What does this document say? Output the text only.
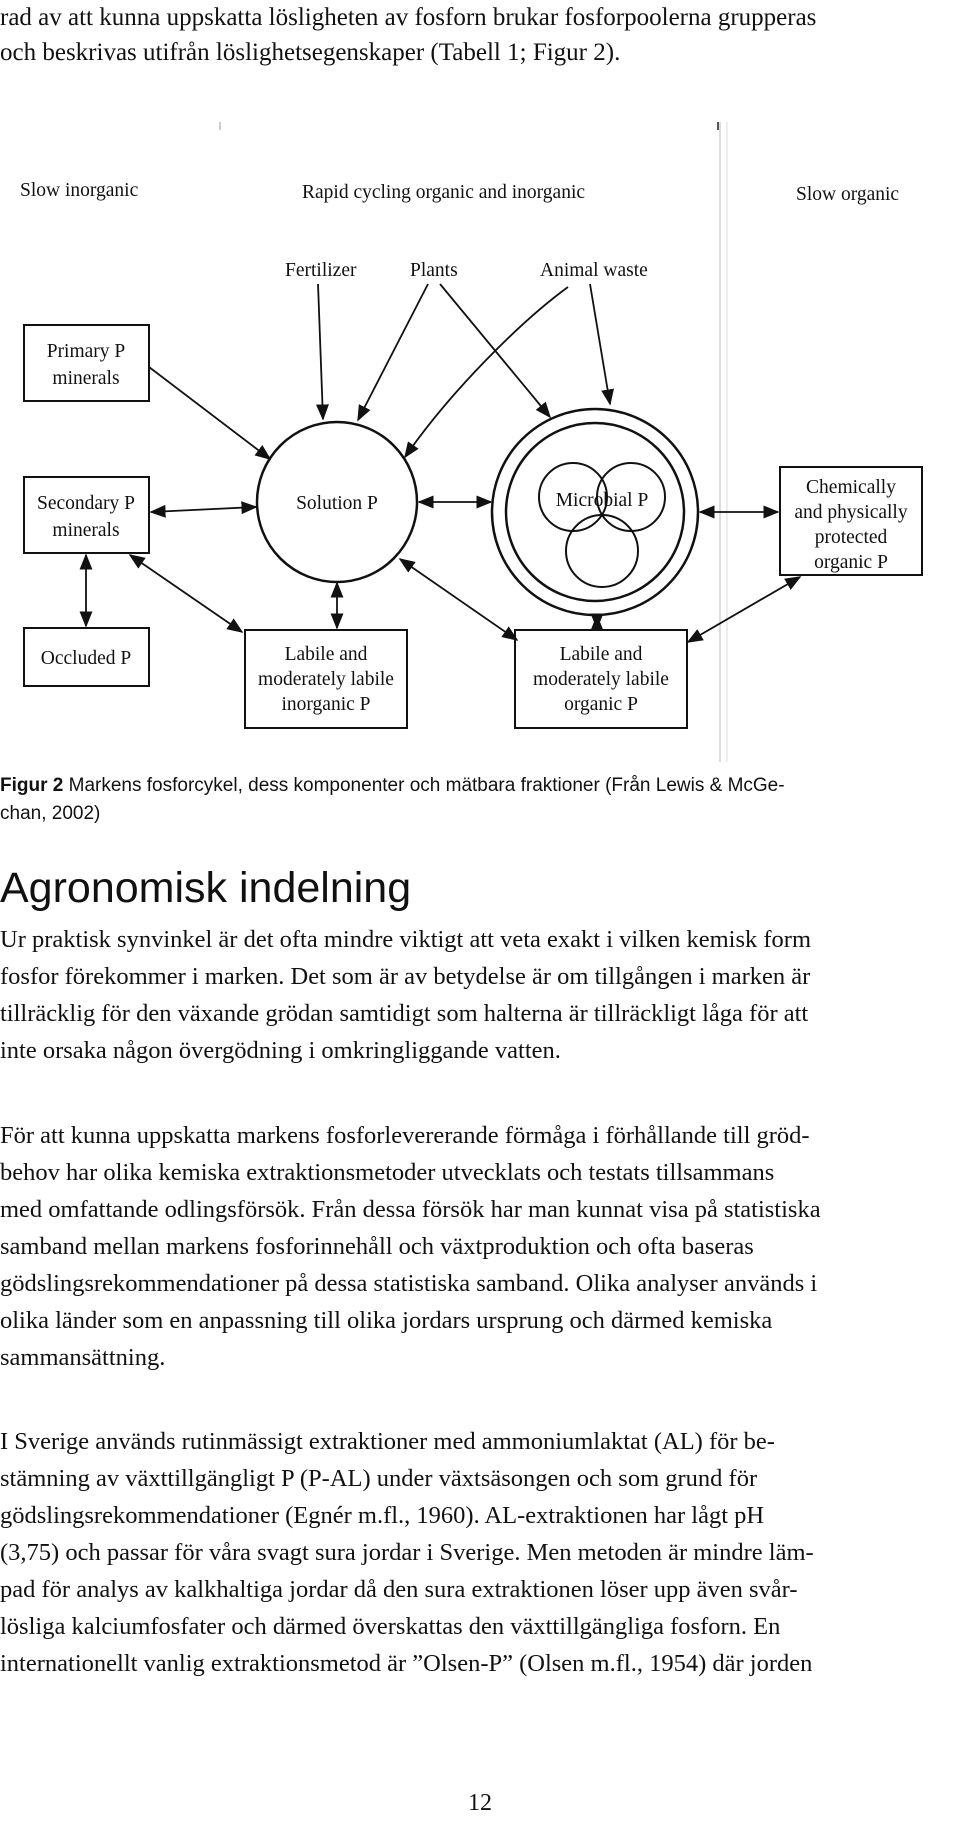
rad av att kunna uppskatta lösligheten av fosforn brukar fosforpoolerna grupperas

och beskrivas utifrån löslighetsegenskaper (Tabell 1; Figur 2).

Slow inorganic	Rapid cycling organic and inorganic	Slow organic
Fertilizer	Plants	Animal waste
Primary P
minerals
Secondary P
minerals
Occluded P	Labile and
moderately labile
inorganic P
Labile and
moderately labile
organic P
Chemically
and physically
protected
organic P
Solution P	Microbial P
Figur 2 Markens fosforcykel, dess komponenter och mätbara fraktioner (Från Lewis & McGe-
chan, 2002)
Agronomisk indelning

Ur praktisk synvinkel är det ofta mindre viktigt att veta exakt i vilken kemisk form
fosfor förekommer i marken. Det som är av betydelse är om tillgången i marken är
tillräcklig för den växande grödan samtidigt som halterna är tillräckligt låga för att
inte orsaka någon övergödning i omkringliggande vatten.

För att kunna uppskatta markens fosforlevererande förmåga i förhållande till gröd-
behov har olika kemiska extraktionsmetoder utvecklats och testats tillsammans
med omfattande odlingsförsök. Från dessa försök har man kunnat visa på statistiska
samband mellan markens fosforinnehåll och växtproduktion och ofta baseras
gödslingsrekommendationer på dessa statistiska samband. Olika analyser används i
olika länder som en anpassning till olika jordars ursprung och därmed kemiska
sammansättning.

I Sverige används rutinmässigt extraktioner med ammoniumlaktat (AL) för be-
stämning av växttillgängligt P (P-AL) under växtsäsongen och som grund för
gödslingsrekommendationer (Egnér m.fl., 1960). AL-extraktionen har lågt pH
(3,75) och passar för våra svagt sura jordar i Sverige. Men metoden är mindre läm-
pad för analys av kalkhaltiga jordar då den sura extraktionen löser upp även svår-
lösliga kalciumfosfater och därmed överskattas den växttillgängliga fosforn. En
internationellt vanlig extraktionsmetod är ”Olsen-P” (Olsen m.fl., 1954) där jorden

12
